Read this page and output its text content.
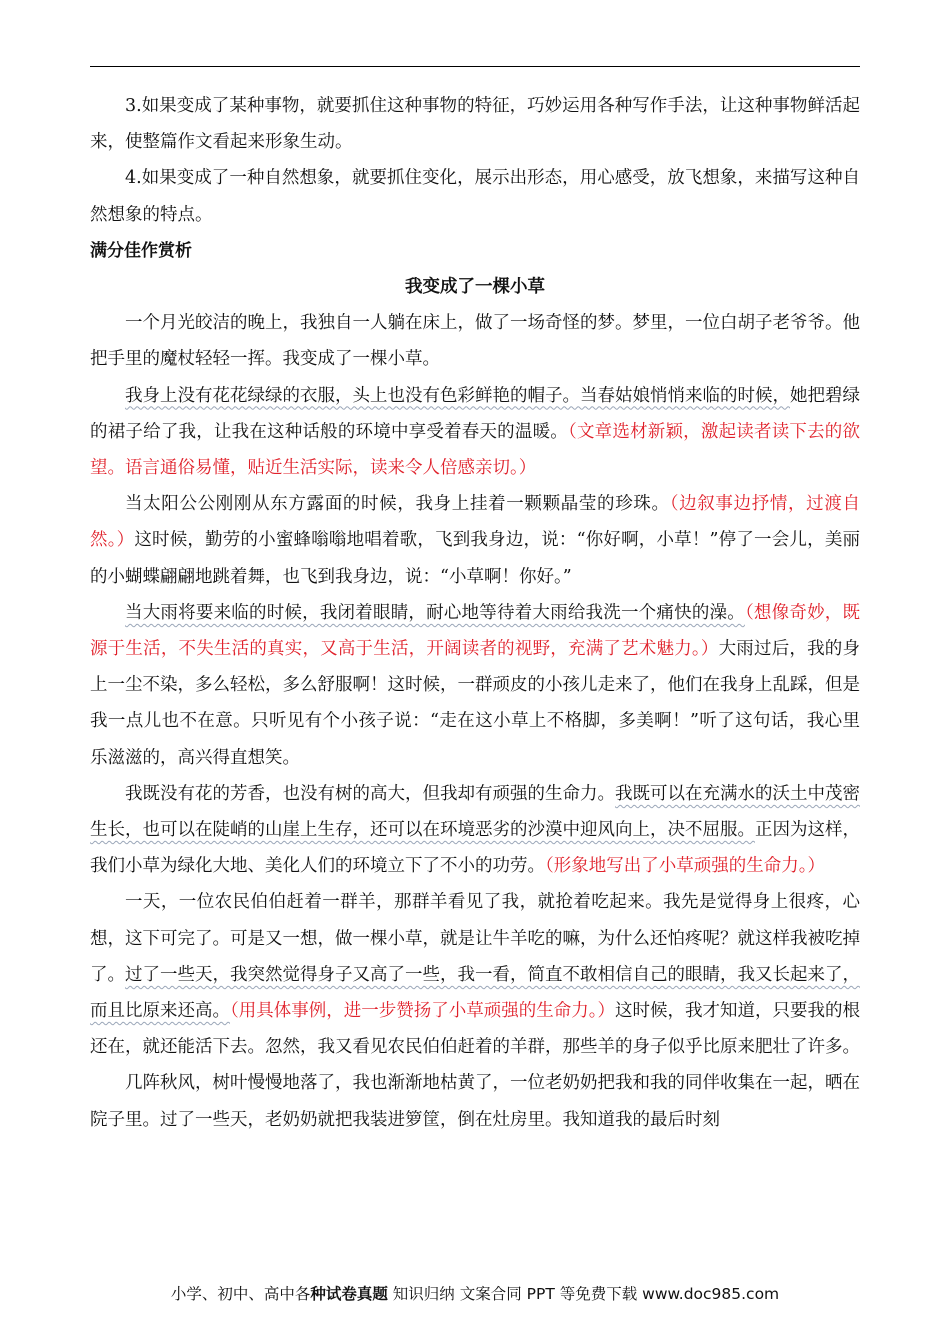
3.如果变成了某种事物，就要抓住这种事物的特征，巧妙运用各种写作手法，让这种事物鲜活起来，使整篇作文看起来形象生动。

4.如果变成了一种自然想象，就要抓住变化，展示出形态，用心感受，放飞想象，来描写这种自然想象的特点。

满分佳作赏析

我变成了一棵小草

一个月光皎洁的晚上，我独自一人躺在床上，做了一场奇怪的梦。梦里，一位白胡子老爷爷。他把手里的魔杖轻轻一挥。我变成了一棵小草。

我身上没有花花绿绿的衣服，头上也没有色彩鲜艳的帽子。当春姑娘悄悄来临的时候，她把碧绿的裙子给了我，让我在这种话般的环境中享受着春天的温暖。（文章选材新颖，激起读者读下去的欲望。语言通俗易懂，贴近生活实际，读来令人倍感亲切。）

当太阳公公刚刚从东方露面的时候，我身上挂着一颗颗晶莹的珍珠。（边叙事边抒情，过渡自然。）这时候，勤劳的小蜜蜂嗡嗡地唱着歌，飞到我身边，说：“你好啊，小草！”停了一会儿，美丽的小蝴蝶翩翩地跳着舞，也飞到我身边，说：“小草啊！你好。”

当大雨将要来临的时候，我闭着眼睛，耐心地等待着大雨给我洗一个痛快的澡。（想像奇妙，既源于生活，不失生活的真实，又高于生活，开阔读者的视野，充满了艺术魅力。）大雨过后，我的身上一尘不染，多么轻松，多么舒服啊！这时候，一群顽皮的小孩儿走来了，他们在我身上乱踩，但是我一点儿也不在意。只听见有个小孩子说：“走在这小草上不格脚，多美啊！”听了这句话，我心里乐滋滋的，高兴得直想笑。

我既没有花的芳香，也没有树的高大，但我却有顽强的生命力。我既可以在充满水的沃土中茂密生长，也可以在陡峭的山崖上生存，还可以在环境恶劣的沙漠中迎风向上，决不屈服。正因为这样，我们小草为绿化大地、美化人们的环境立下了不小的功劳。（形象地写出了小草顽强的生命力。）

一天，一位农民伯伯赶着一群羊，那群羊看见了我，就抢着吃起来。我先是觉得身上很疼，心想，这下可完了。可是又一想，做一棵小草，就是让牛羊吃的嘛，为什么还怕疼呢？就这样我被吃掉了。过了一些天，我突然觉得身子又高了一些，我一看，简直不敢相信自己的眼睛，我又长起来了，而且比原来还高。（用具体事例，进一步赞扬了小草顽强的生命力。）这时候，我才知道，只要我的根还在，就还能活下去。忽然，我又看见农民伯伯赶着的羊群，那些羊的身子似乎比原来肥壮了许多。

几阵秋风，树叶慢慢地落了，我也渐渐地枯黄了，一位老奶奶把我和我的同伴收集在一起，晒在院子里。过了一些天，老奶奶就把我装进箩筐，倒在灶房里。我知道我的最后时刻

小学、初中、高中各种试卷真题 知识归纳 文案合同 PPT 等免费下载 www.doc985.com
